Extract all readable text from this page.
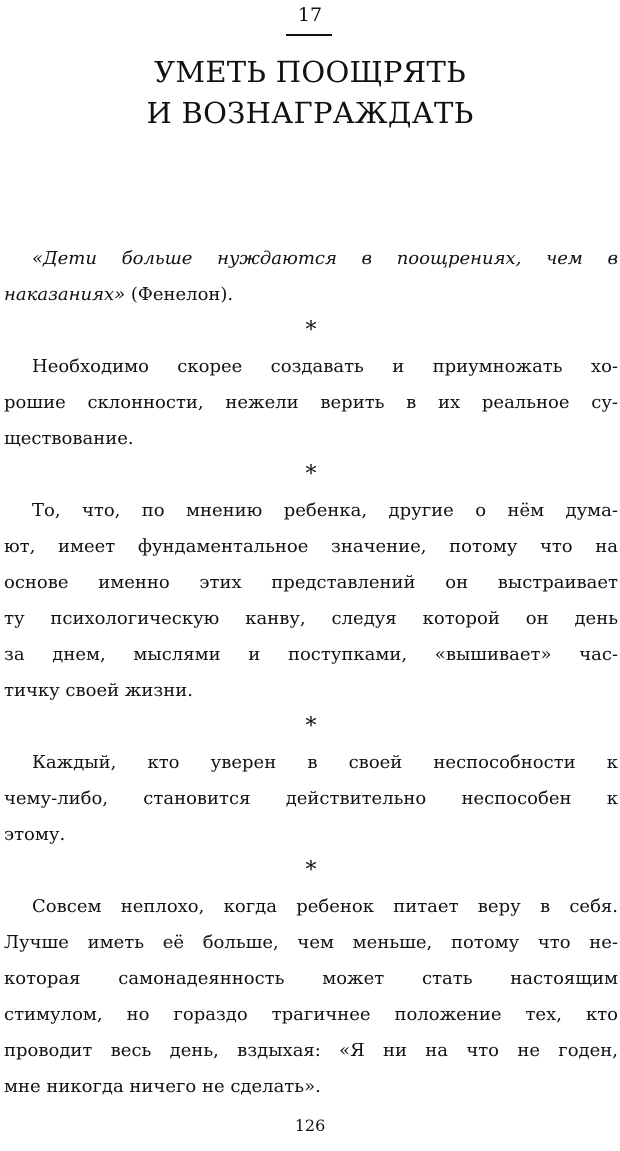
17
УМЕТЬ ПООЩРЯТЬ
И ВОЗНАГРАЖДАТЬ
«Дети больше нуждаются в поощрениях, чем в
наказаниях» (Фенелон).
*
Необходимо скорее создавать и приумножать хо-
рошие склонности, нежели верить в их реальное су-
ществование.
*
То, что, по мнению ребенка, другие о нём дума-
ют, имеет фундаментальное значение, потому что на
основе именно этих представлений он выстраивает
ту психологическую канву, следуя которой он день
за днем, мыслями и поступками, «вышивает» час-
тичку своей жизни.
*
Каждый, кто уверен в своей неспособности к
чему-либо, становится действительно неспособен к
этому.
*
Совсем неплохо, когда ребенок питает веру в себя.
Лучше иметь её больше, чем меньше, потому что не-
которая самонадеянность может стать настоящим
стимулом, но гораздо трагичнее положение тех, кто
проводит весь день, вздыхая: «Я ни на что не годен,
мне никогда ничего не сделать».
126
